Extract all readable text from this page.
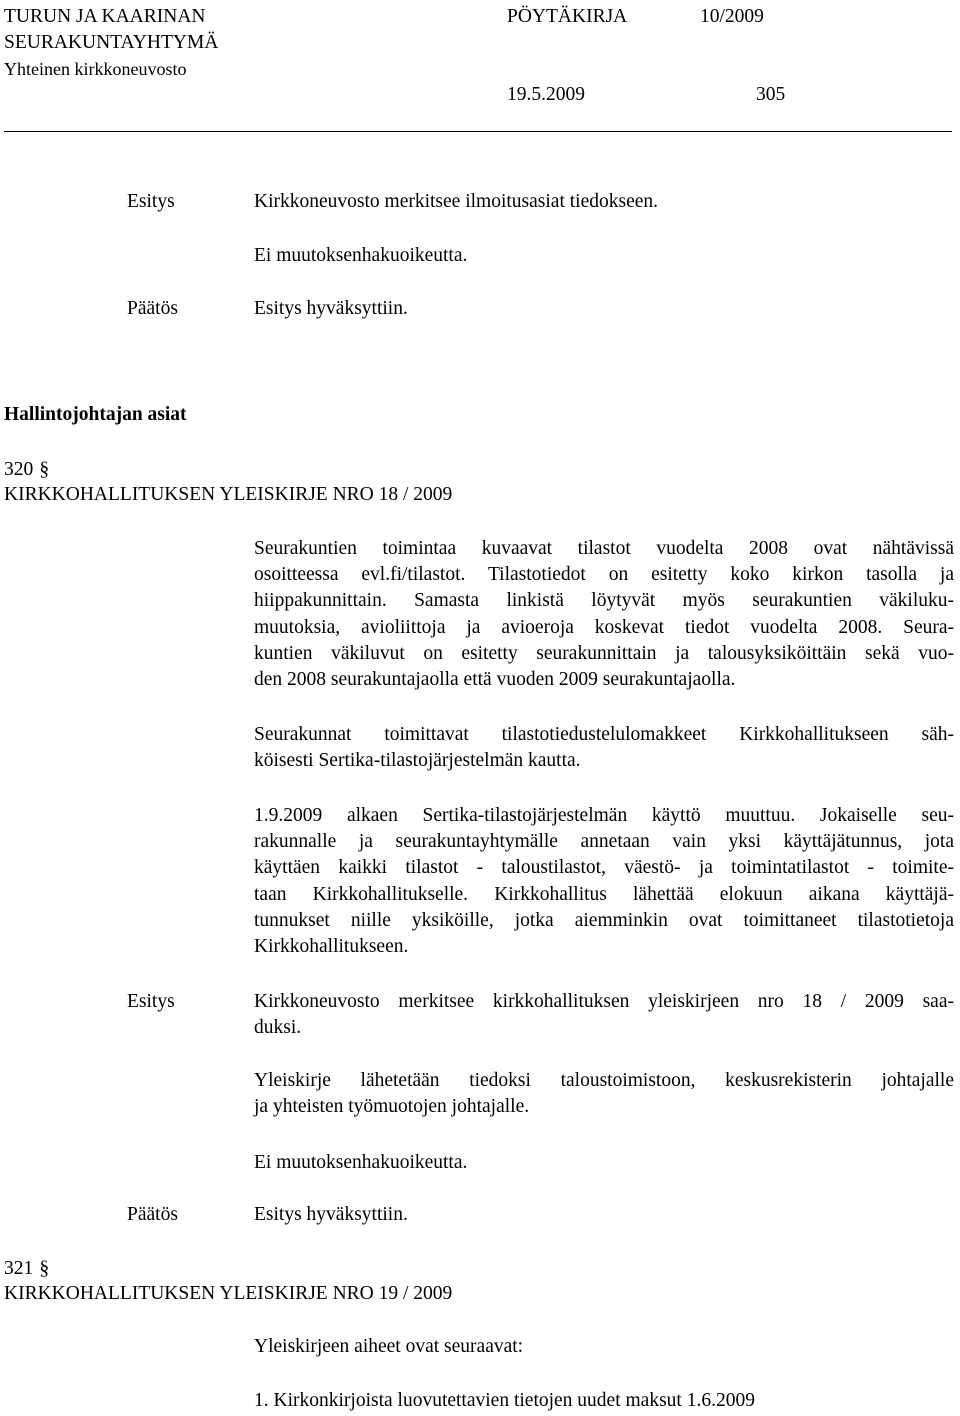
TURUN JA KAARINAN
SEURAKUNTAYHTYMÄ
Yhteinen kirkkoneuvosto
PÖYTÄKIRJA	10/2009
19.5.2009	305
Esitys	Kirkkoneuvosto merkitsee ilmoitusasiat tiedokseen.
Ei muutoksenhakuoikeutta.
Päätös	Esitys hyväksyttiin.
Hallintojohtajan asiat
320 §
KIRKKOHALLITUKSEN YLEISKIRJE NRO 18 / 2009
Seurakuntien toimintaa kuvaavat tilastot vuodelta 2008 ovat nähtävissä
osoitteessa evl.fi/tilastot. Tilastotiedot on esitetty koko kirkon tasolla ja
hiippakunnittain. Samasta linkistä löytyvät myös seurakuntien väkiluku-
muutoksia, avioliittoja ja avioeroja koskevat tiedot vuodelta 2008. Seura-
kuntien väkiluvut on esitetty seurakunnittain ja talousyksiköittäin sekä vuo-
den 2008 seurakuntajaolla että vuoden 2009 seurakuntajaolla.
Seurakunnat toimittavat tilastotiedustelulomakkeet Kirkkohallitukseen säh-
köisesti Sertika-tilastojärjestelmän kautta.
1.9.2009 alkaen Sertika-tilastojärjestelmän käyttö muuttuu. Jokaiselle seu-
rakunnalle ja seurakuntayhtymälle annetaan vain yksi käyttäjätunnus, jota
käyttäen kaikki tilastot - taloustilastot, väestö- ja toimintatilastot - toimite-
taan Kirkkohallitukselle. Kirkkohallitus lähettää elokuun aikana käyttäjä-
tunnukset niille yksiköille, jotka aiemminkin ovat toimittaneet tilastotietoja
Kirkkohallitukseen.
Esitys	Kirkkoneuvosto merkitsee kirkkohallituksen yleiskirjeen nro 18 / 2009 saa-
duksi.
Yleiskirje lähetetään tiedoksi taloustoimistoon, keskusrekisterin johtajalle
ja yhteisten työmuotojen johtajalle.
Ei muutoksenhakuoikeutta.
Päätös	Esitys hyväksyttiin.
321 §
KIRKKOHALLITUKSEN YLEISKIRJE NRO 19 / 2009
Yleiskirjeen aiheet ovat seuraavat:
1. Kirkonkirjoista luovutettavien tietojen uudet maksut 1.6.2009
